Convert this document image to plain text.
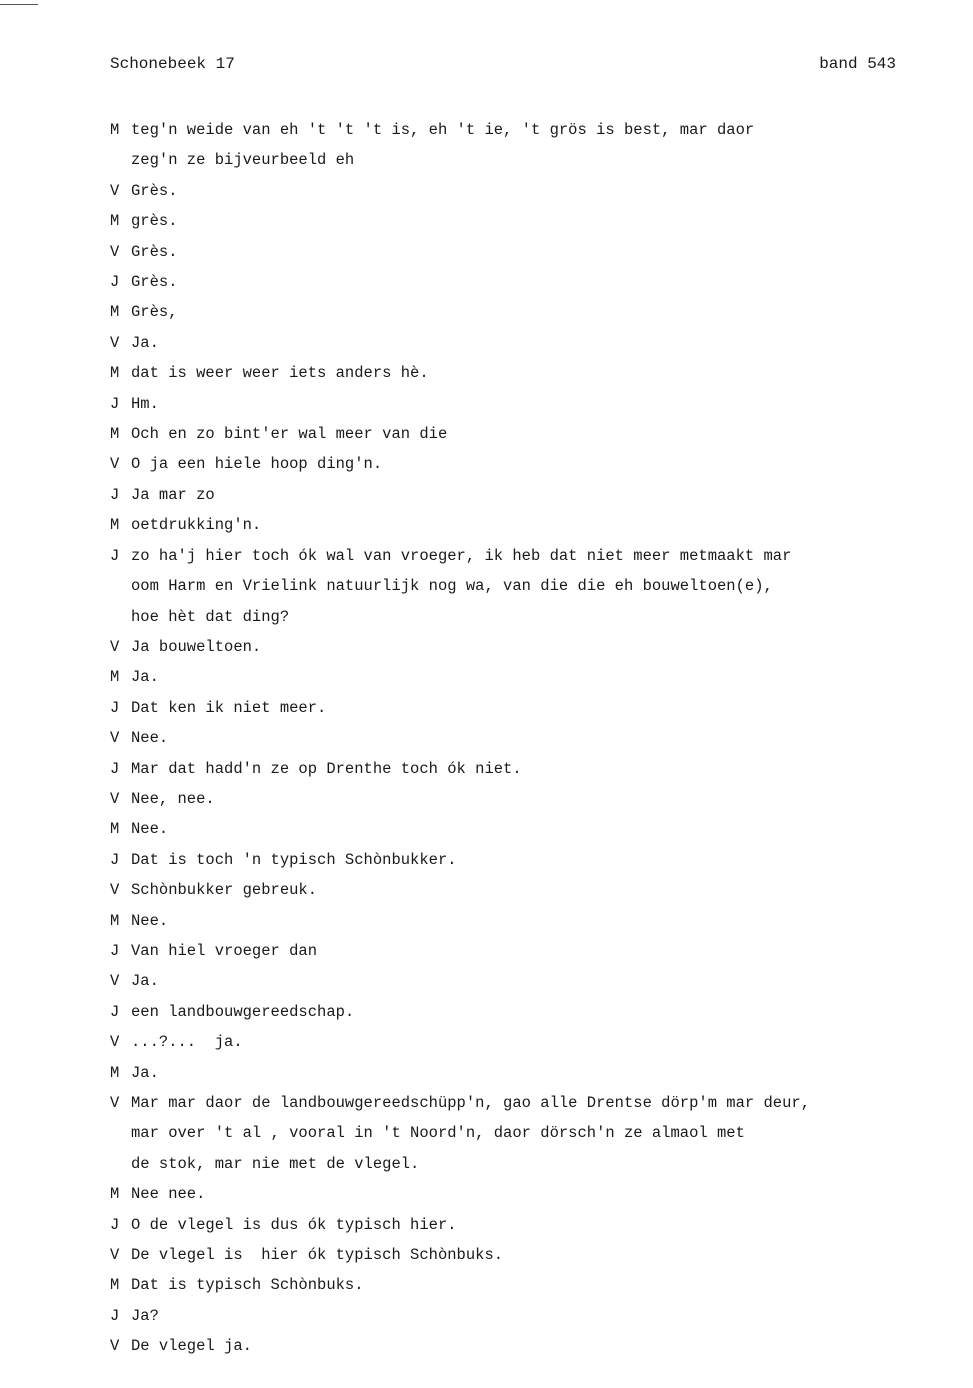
Schonebeek 17	band 543
M teg'n weide van eh 't 't 't is, eh 't ie, 't grös is best, mar daor
zeg'n ze bijveurbeeld eh
V Grès.
M grès.
V Grès.
J Grès.
M Grès,
V Ja.
M dat is weer weer iets anders hè.
J Hm.
M Och en zo bint'er wal meer van die
V O ja een hiele hoop ding'n.
J Ja mar zo
M oetdrukking'n.
J zo ha'j hier toch ók wal van vroeger, ik heb dat niet meer metmaakt mar
oom Harm en Vrielink natuurlijk nog wa, van die die eh bouweltoen(e),
hoe hèt dat ding?
V Ja bouweltoen.
M Ja.
J Dat ken ik niet meer.
V Nee.
J Mar dat hadd'n ze op Drenthe toch ók niet.
V Nee, nee.
M Nee.
J Dat is toch 'n typisch Schònbukker.
V Schònbukker gebreuk.
M Nee.
J Van hiel vroeger dan
V Ja.
J een landbouwgereedschap.
V ...?...  ja.
M Ja.
V Mar mar daor de landbouwgereedschüpp'n, gao alle Drentse dörp'm mar deur,
mar over 't al , vooral in 't Noord'n, daor dörsch'n ze almaol met
de stok, mar nie met de vlegel.
M Nee nee.
J O de vlegel is dus ók typisch hier.
V De vlegel is  hier ók typisch Schònbuks.
M Dat is typisch Schònbuks.
J Ja?
V De vlegel ja.
